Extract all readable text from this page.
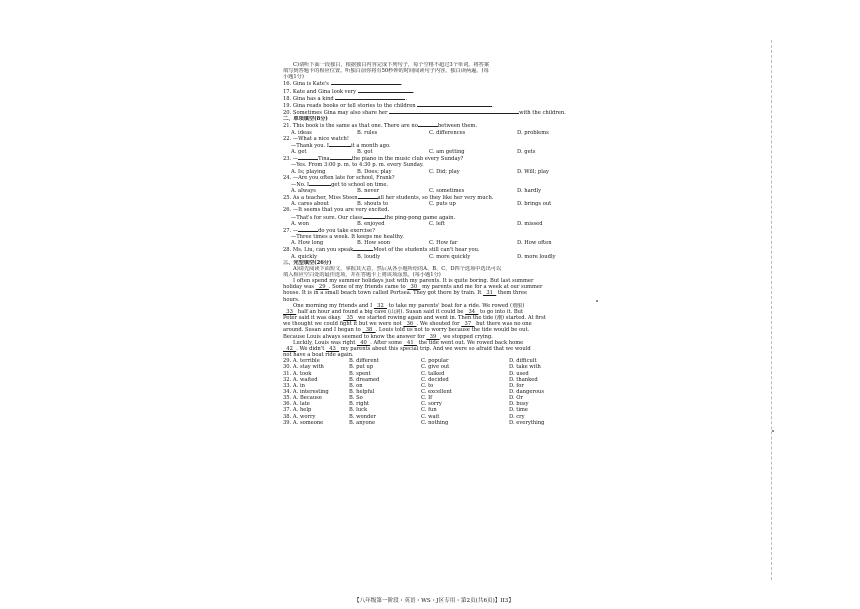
C)请听下面一段独白，根据独白内容完成下列句子，每个空格不超过3个单词。将答案
填写到答题卡的相应位置。听独白前你将有50秒钟的时间阅读句子内容。独白读两遍。(每
小题1分)
16. Gina is Kate's	.
17. Kate and Gina look very	.
18. Gina has a kind	.
19. Gina reads books or tell stories to the children	.
20. Sometimes Gina may also share her	with the children.
二、单项填空(8分)
21. This book is the same as that one. There are no	between them.
A. ideas	B. rules	C. differences	D. problems
22. —What a nice watch!
—Thank you. I	it a month ago.
A. get	B. got	C. am getting	D. gets
23. —	Tina	the piano in the music club every Sunday?
—Yes. From 3:00 p. m. to 4:30 p. m. every Sunday.
A. Is; playing	B. Does; play	C. Did; play	D. Will; play
24. —Are you often late for school, Frank?
—No. I	get to school on time.
A. always	B. never	C. sometimes	D. hardly
25. As a teacher, Miss Steen	all her students, so they like her very much.
A. cares about	B. shouts to	C. puts up	D. brings out
26. —It seems that you are very excited.
—That's for sure. Our class	the ping-pong game again.
A. won	B. enjoyed	C. left	D. missed
27. —	do you take exercise?
—Three times a week. It keeps me healthy.
A. How long	B. How soon	C. How far	D. How often
28. Ms. Liu, can you speak	Most of the students still can't hear you.
A. quickly	B. loudly	C. more quickly	D. more loudly
三、完型填空(26分)
A)请先阅读下面短文，掌握其大意，然后从各小题所给的A、B、C、D四个选项中选出可以
填入相应空白处的最佳选项，并在答题卡上将该项涂黑。(每小题1分)
I often spend my summer holidays just with my parents. It is quite boring. But last summer
holiday was   29  . Some of my friends came to   30   my parents and me for a week at our summer
house. It is in a small beach town called Portsea. They got there by train. It   31   them three
hours.
One morning my friends and I   32   to take my parents' boat for a ride. We rowed (划船)
33   half an hour and found a big cave (山洞). Susan said it could be   34   to go into it. But
Peter said it was okay.   35   we started rowing again and went in. Then the tide (潮) started. At first
we thought we could fight it but we were not   36  . We shouted for   37   but there was no one
around. Susan and I began to   38  . Louis told us not to worry because the tide would be out.
Because Louis always seemed to know the answer for   39  , we stopped crying.
Luckily, Louis was right   40  . After some   41   the tide went out. We rowed back home
42  . We didn't   43   my parents about this special trip. And we were so afraid that we would
not have a boat ride again.
29. A. terrible	B. different	C. popular	D. difficult
30. A. stay with	B. put up	C. give out	D. take with
31. A. took	B. spent	C. talked	D. used
32. A. waited	B. dreamed	C. decided	D. thanked
33. A. in	B. on	C. to	D. for
34. A. interesting	B. helpful	C. excellent	D. dangerous
35. A. Because	B. So	C. If	D. Or
36. A. late	B. right	C. sorry	D. busy
37. A. help	B. luck	C. fun	D. time
38. A. worry	B. wonder	C. wait	D. cry
39. A. someone	B. anyone	C. nothing	D. everything
【八年级第一阶段・英语・WS・J区专用・第2页(共6页)】II3】
